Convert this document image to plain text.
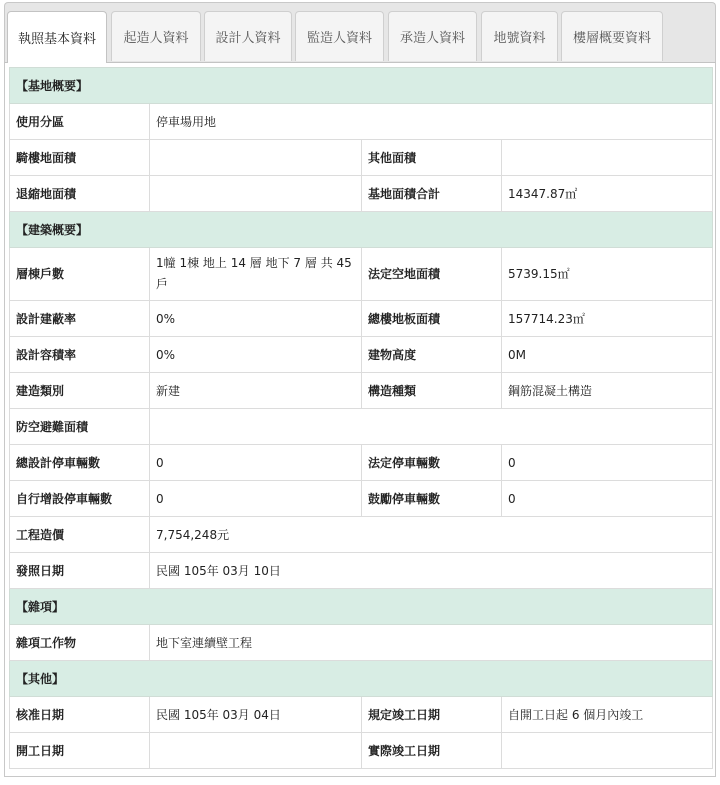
執照基本資料	起造人資料	設計人資料	監造人資料	承造人資料	地號資料	樓層概要資料
【基地概要】			
使用分區	停車場用地		
騎樓地面積		其他面積	
退縮地面積		基地面積合計	14347.87㎡
【建築概要】			
層棟戶數	1幢 1棟 地上 14 層 地下 7 層 共 45戶	法定空地面積	5739.15㎡
設計建蔽率	0%	總樓地板面積	157714.23㎡
設計容積率	0%	建物高度	0M
建造類別	新建	構造種類	鋼筋混凝土構造
防空避難面積			
總設計停車輛數	0	法定停車輛數	0
自行增設停車輛數	0	鼓勵停車輛數	0
工程造價	7,754,248元		
發照日期	民國 105年 03月 10日		
【雜項】			
雜項工作物	地下室連續壁工程		
【其他】			
核准日期	民國 105年 03月 04日	規定竣工日期	自開工日起 6 個月內竣工
開工日期		實際竣工日期	
